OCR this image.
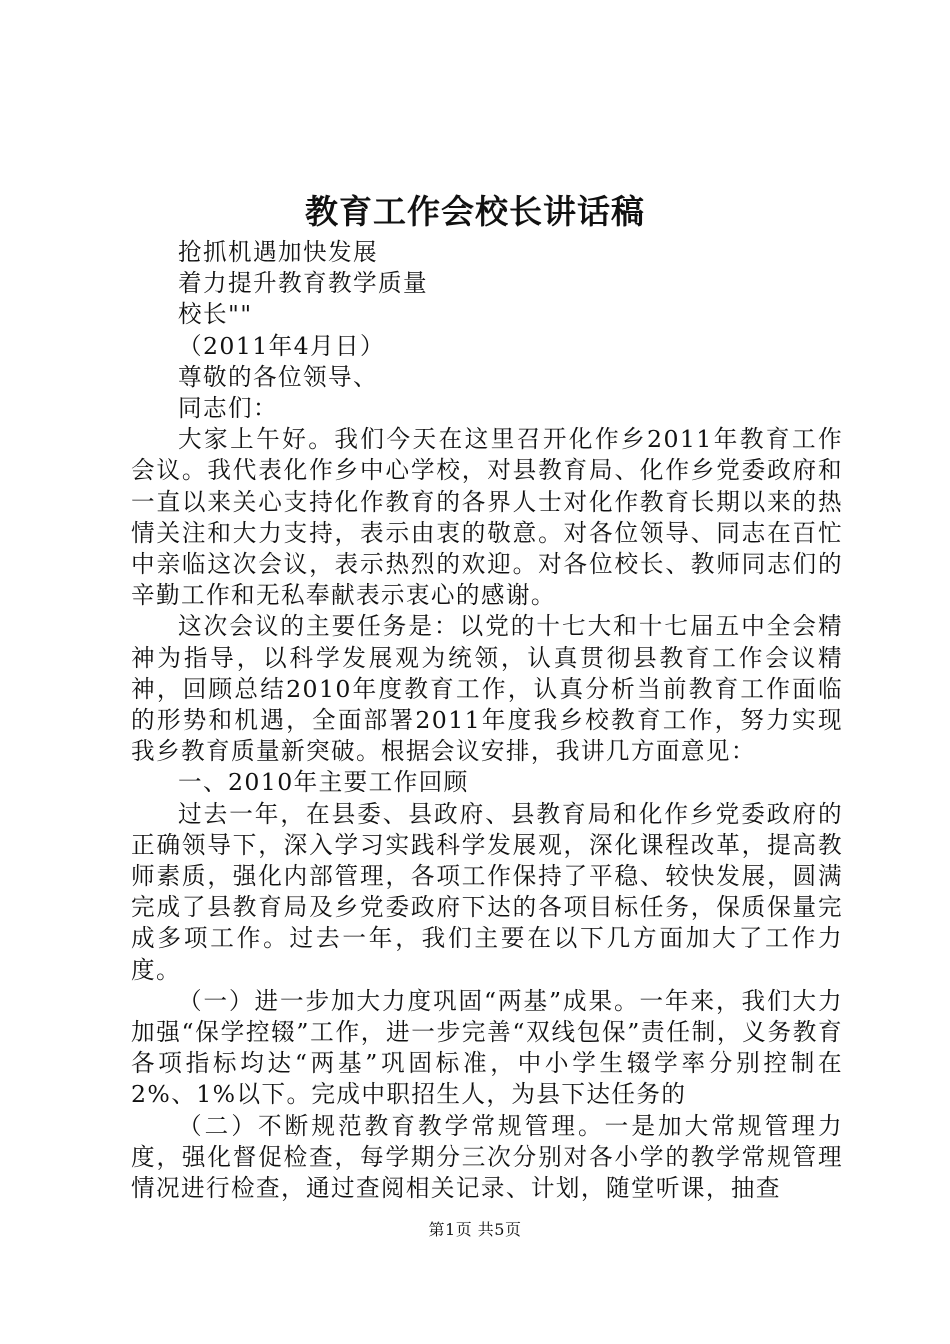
教育工作会校长讲话稿
抢抓机遇加快发展
着力提升教育教学质量
校长""
（2011年4月日）
尊敬的各位领导、
同志们：
大家上午好。我们今天在这里召开化作乡2011年教育工作会议。我代表化作乡中心学校，对县教育局、化作乡党委政府和一直以来关心支持化作教育的各界人士对化作教育长期以来的热情关注和大力支持，表示由衷的敬意。对各位领导、同志在百忙中亲临这次会议，表示热烈的欢迎。对各位校长、教师同志们的辛勤工作和无私奉献表示衷心的感谢。
这次会议的主要任务是：以党的十七大和十七届五中全会精神为指导，以科学发展观为统领，认真贯彻县教育工作会议精神，回顾总结2010年度教育工作，认真分析当前教育工作面临的形势和机遇，全面部署2011年度我乡校教育工作，努力实现我乡教育质量新突破。根据会议安排，我讲几方面意见：
一、2010年主要工作回顾
过去一年，在县委、县政府、县教育局和化作乡党委政府的正确领导下，深入学习实践科学发展观，深化课程改革，提高教师素质，强化内部管理，各项工作保持了平稳、较快发展，圆满完成了县教育局及乡党委政府下达的各项目标任务，保质保量完成多项工作。过去一年，我们主要在以下几方面加大了工作力度。
（一）进一步加大力度巩固“两基”成果。一年来，我们大力加强“保学控辍”工作，进一步完善“双线包保”责任制，义务教育各项指标均达“两基”巩固标准，中小学生辍学率分别控制在2%、1%以下。完成中职招生人，为县下达任务的
（二）不断规范教育教学常规管理。一是加大常规管理力度，强化督促检查，每学期分三次分别对各小学的教学常规管理情况进行检查，通过查阅相关记录、计划，随堂听课，抽查
第1页 共5页
